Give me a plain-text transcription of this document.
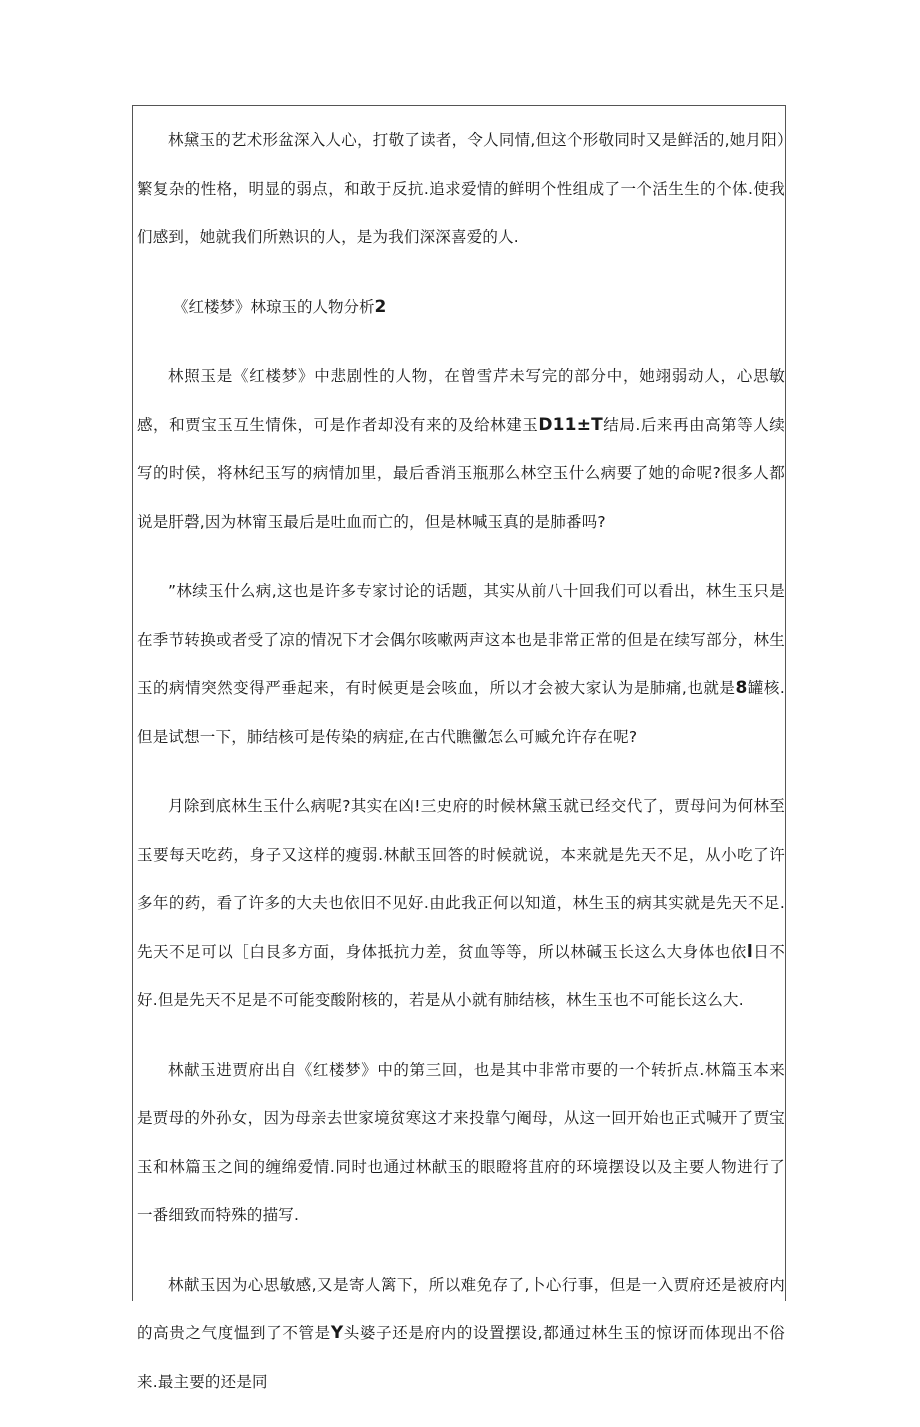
林黛玉的艺术形盆深入人心，打敬了读者，令人同情,但这个形敬同时又是鲜活的,她月阳）繁复杂的性格，明显的弱点，和敢于反抗.追求爱情的鲜明个性组成了一个活生生的个体.使我们感到，她就我们所熟识的人，是为我们深深喜爱的人.

《红楼梦》林琼玉的人物分析2

林照玉是《红楼梦》中悲剧性的人物，在曾雪芹未写完的部分中，她翊弱动人，心思敏感，和贾宝玉互生情侏，可是作者却没有来的及给林建玉D11±T结局.后来再由高第等人续写的时侯，将林纪玉写的病情加里，最后香消玉瓶那么林空玉什么病要了她的命呢?很多人都说是肝磬,因为林甯玉最后是吐血而亡的，但是林喊玉真的是肺番吗?

”林续玉什么病,这也是许多专家讨论的话题，其实从前八十回我们可以看出，林生玉只是在季节转换或者受了凉的情况下才会偶尔咳嗽两声这本也是非常正常的但是在续写部分，林生玉的病情突然变得严垂起来，有时候更是会咳血，所以才会被大家认为是肺痛,也就是8罐核.但是试想一下，肺结核可是传染的病症,在古代瞧黴怎么可臧允许存在呢?

月除到底林生玉什么病呢?其实在凶!三史府的时候林黛玉就已经交代了，贾母问为何林至玉要每天吃药，身子又这样的瘦弱.林献玉回答的时候就说，本来就是先天不足，从小吃了许多年的药，看了许多的大夫也依旧不见好.由此我正何以知道，林生玉的病其实就是先天不足.先天不足可以［白艮多方面，身体抵抗力差，贫血等等，所以林碱玉长这么大身体也依l日不好.但是先天不足是不可能变酸附核的，若是从小就有肺结核，林生玉也不可能长这么大.

林献玉进贾府出自《红楼梦》中的第三回，也是其中非常市要的一个转折点.林篇玉本来是贾母的外孙女，因为母亲去世家境贫寒这才来投靠勺阉母，从这一回开始也正式喊开了贾宝玉和林篇玉之间的缠绵爱情.同时也通过林献玉的眼瞪将苴府的环境摆设以及主要人物进行了一番细致而特殊的描写.

林献玉因为心思敏感,又是寄人篱下，所以难免存了,卜心行事，但是一入贾府还是被府内的高贵之气度愠到了不管是Y头婆子还是府内的设置摆设,都通过林生玉的惊讶而体现出不俗来.最主要的还是同
